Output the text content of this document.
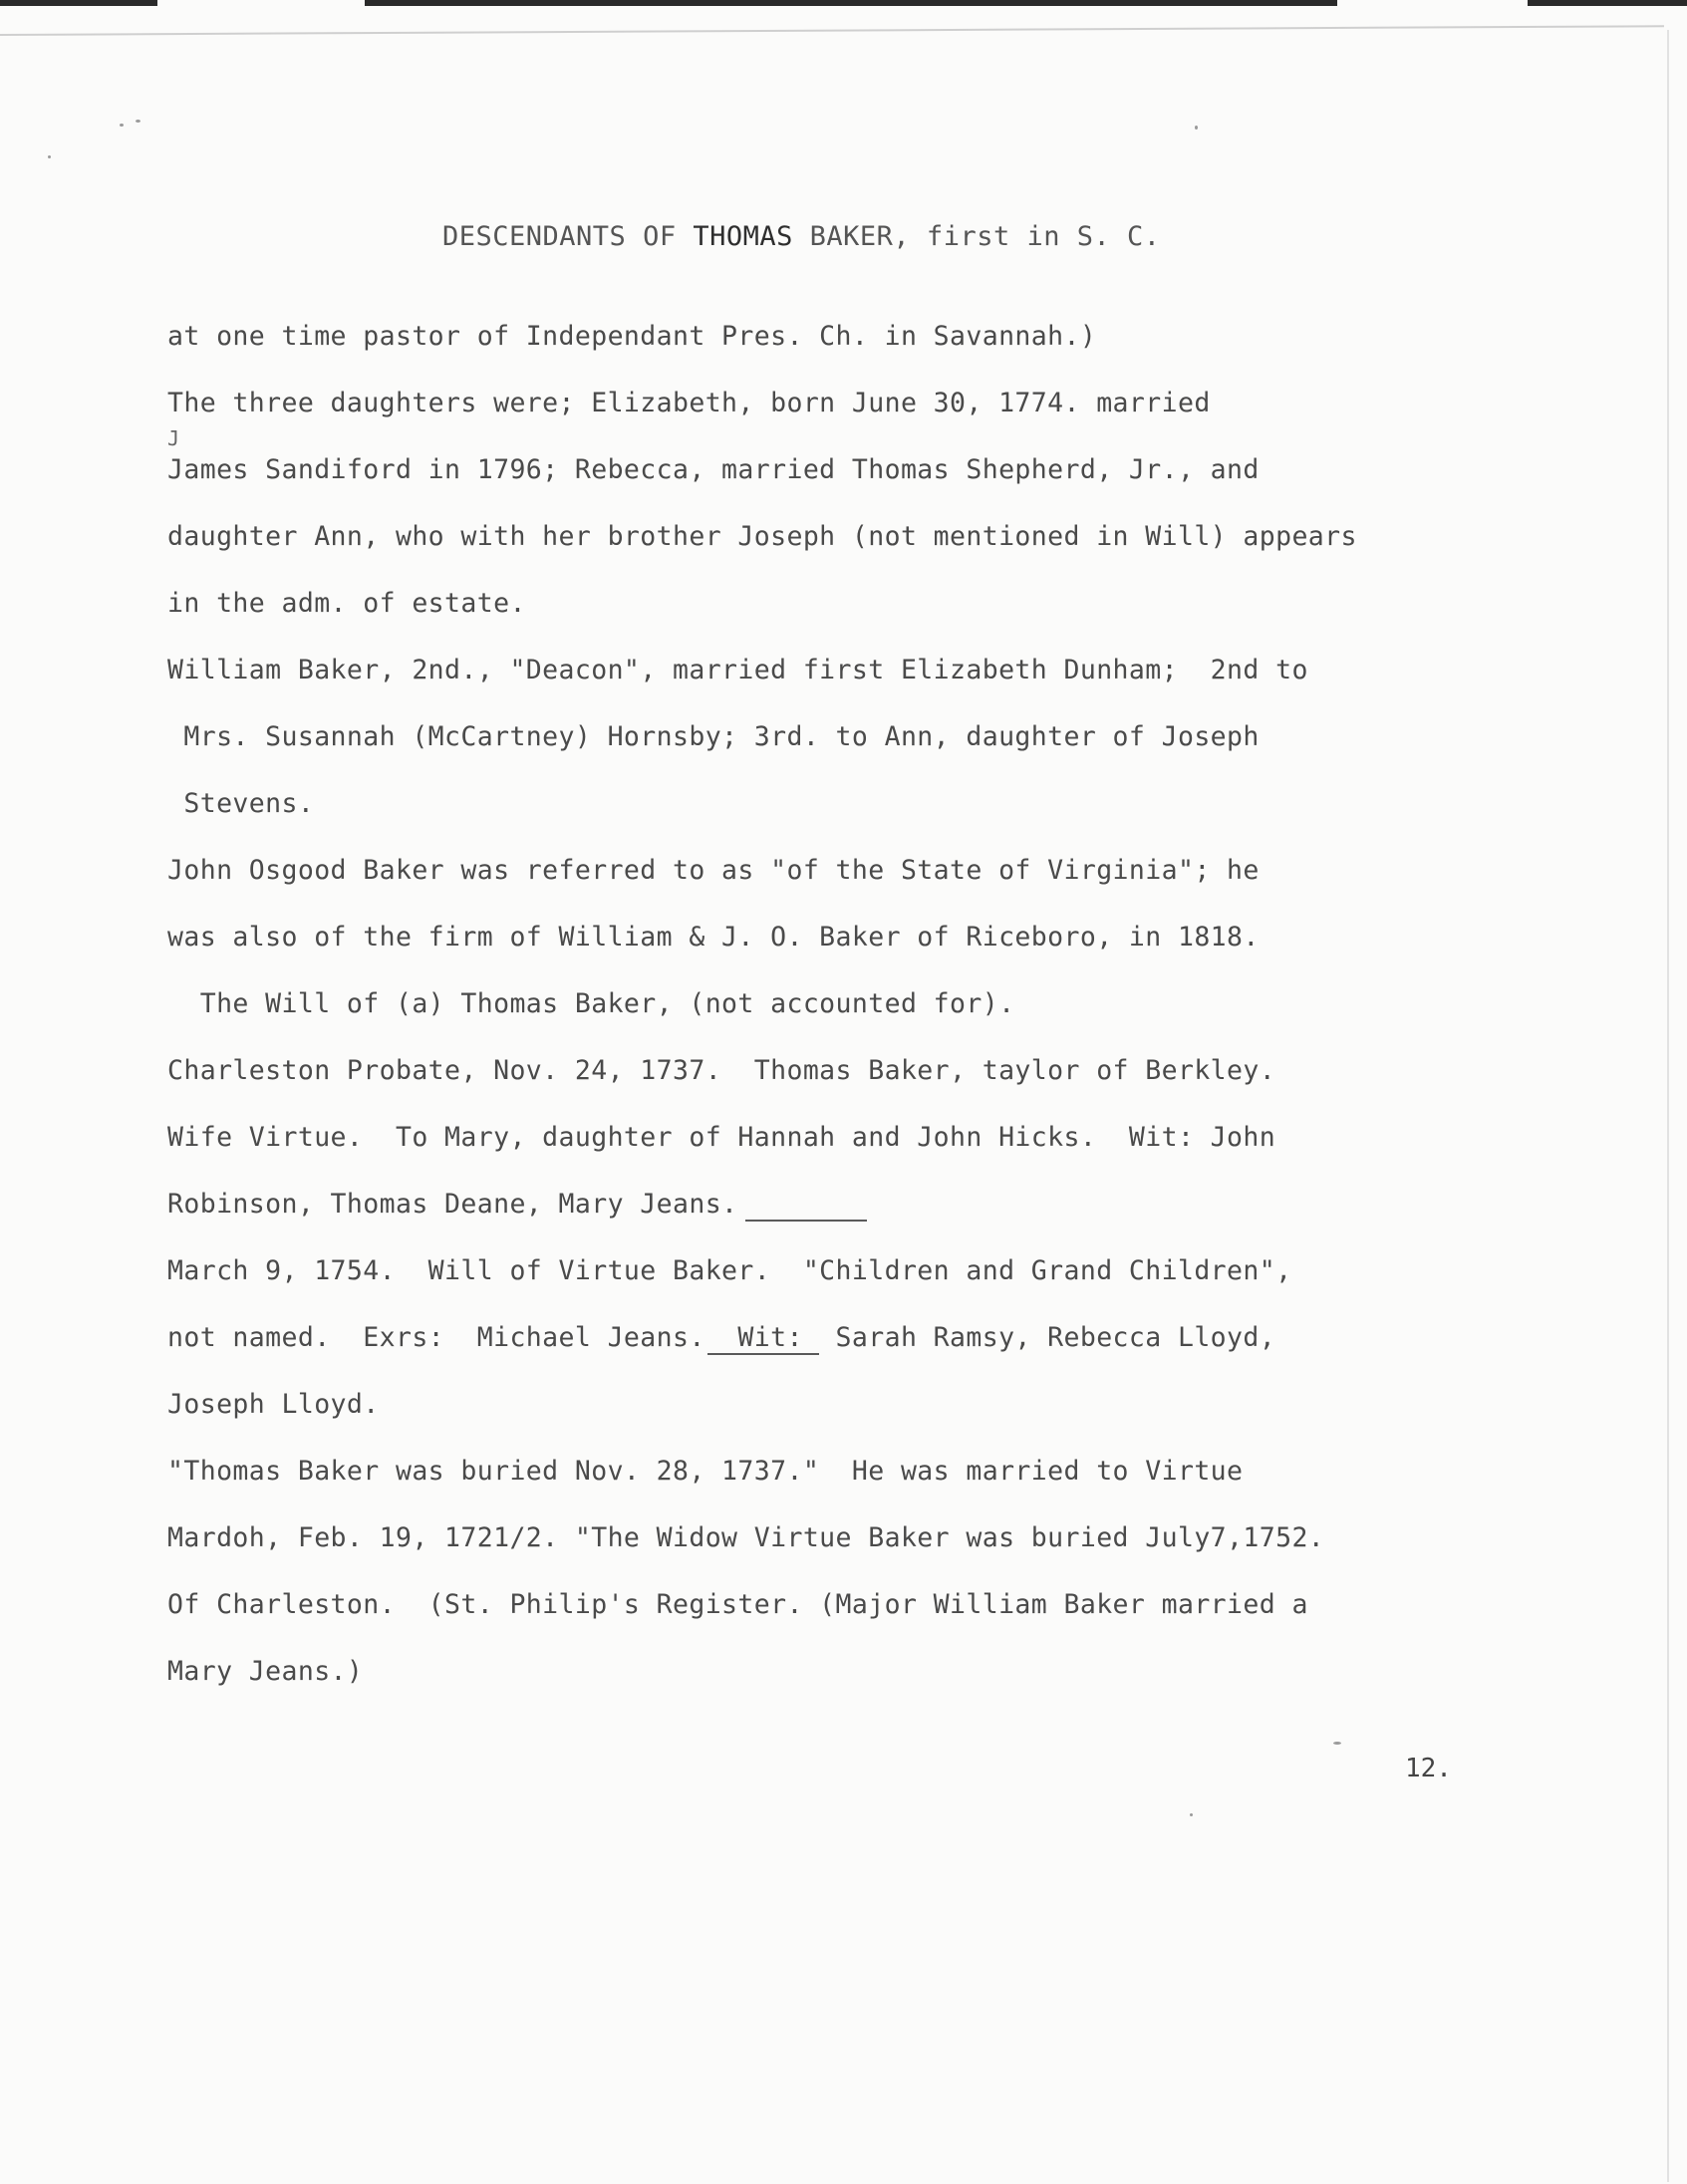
DESCENDANTS OF THOMAS BAKER, first in S. C.
at one time pastor of Independant Pres. Ch. in Savannah.)
The three daughters were; Elizabeth, born June 30, 1774. married
J
James Sandiford in 1796; Rebecca, married Thomas Shepherd, Jr., and
daughter Ann, who with her brother Joseph (not mentioned in Will) appears
in the adm. of estate.
William Baker, 2nd., "Deacon", married first Elizabeth Dunham;  2nd to
Mrs. Susannah (McCartney) Hornsby; 3rd. to Ann, daughter of Joseph
Stevens.
John Osgood Baker was referred to as "of the State of Virginia"; he
was also of the firm of William & J. O. Baker of Riceboro, in 1818.
The Will of (a) Thomas Baker, (not accounted for).
Charleston Probate, Nov. 24, 1737.  Thomas Baker, taylor of Berkley.
Wife Virtue.  To Mary, daughter of Hannah and John Hicks.  Wit: John
Robinson, Thomas Deane, Mary Jeans.
March 9, 1754.  Will of Virtue Baker.  "Children and Grand Children",
not named.  Exrs:  Michael Jeans.  Wit:  Sarah Ramsy, Rebecca Lloyd,
Joseph Lloyd.
"Thomas Baker was buried Nov. 28, 1737."  He was married to Virtue
Mardoh, Feb. 19, 1721/2. "The Widow Virtue Baker was buried July7,1752.
Of Charleston.  (St. Philip's Register. (Major William Baker married a
Mary Jeans.)
12.
